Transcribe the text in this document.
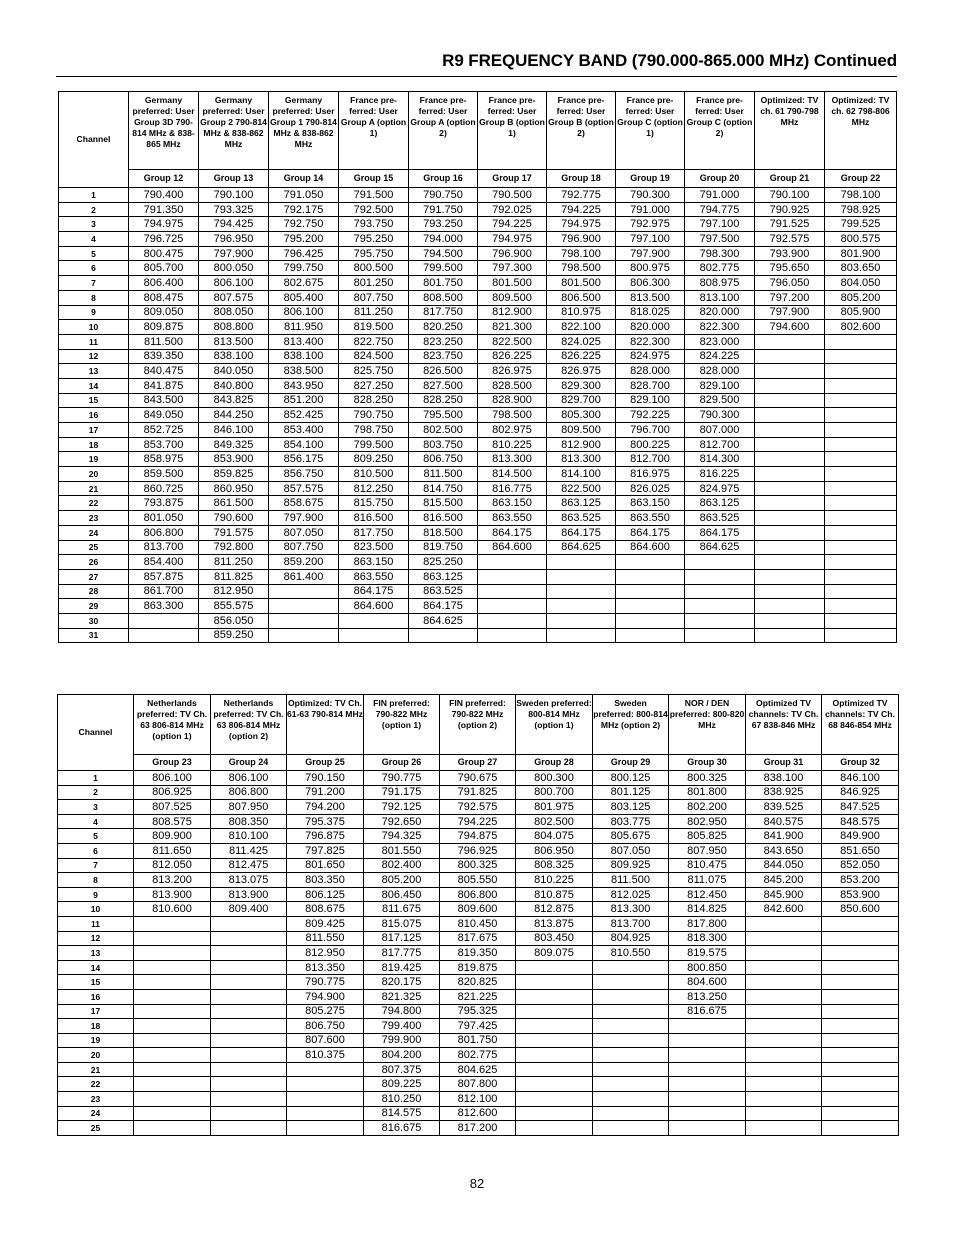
R9 FREQUENCY BAND (790.000-865.000 MHz) Continued
Channel	Germany preferred: User Group 3D 790-814 MHz & 838-865 MHz	Germany preferred: User Group 2 790-814 MHz & 838-862 MHz	Germany preferred: User Group 1 790-814 MHz & 838-862 MHz	France pre-ferred: User Group A (option 1)	France pre-ferred: User Group A (option 2)	France pre-ferred: User Group B (option 1)	France pre-ferred: User Group B (option 2)	France pre-ferred: User Group C (option 1)	France pre-ferred: User Group C (option 2)	Optimized: TV ch. 61 790-798 MHz	Optimized: TV ch. 62 798-806 MHz
	Group 12	Group 13	Group 14	Group 15	Group 16	Group 17	Group 18	Group 19	Group 20	Group 21	Group 22
1	790.400	790.100	791.050	791.500	790.750	790.500	792.775	790.300	791.000	790.100	798.100
2	791.350	793.325	792.175	792.500	791.750	792.025	794.225	791.000	794.775	790.925	798.925
3	794.975	794.425	792.750	793.750	793.250	794.225	794.975	792.975	797.100	791.525	799.525
4	796.725	796.950	795.200	795.250	794.000	794.975	796.900	797.100	797.500	792.575	800.575
5	800.475	797.900	796.425	795.750	794.500	796.900	798.100	797.900	798.300	793.900	801.900
6	805.700	800.050	799.750	800.500	799.500	797.300	798.500	800.975	802.775	795.650	803.650
7	806.400	806.100	802.675	801.250	801.750	801.500	801.500	806.300	808.975	796.050	804.050
8	808.475	807.575	805.400	807.750	808.500	809.500	806.500	813.500	813.100	797.200	805.200
9	809.050	808.050	806.100	811.250	817.750	812.900	810.975	818.025	820.000	797.900	805.900
10	809.875	808.800	811.950	819.500	820.250	821.300	822.100	820.000	822.300	794.600	802.600
11	811.500	813.500	813.400	822.750	823.250	822.500	824.025	822.300	823.000		
12	839.350	838.100	838.100	824.500	823.750	826.225	826.225	824.975	824.225		
13	840.475	840.050	838.500	825.750	826.500	826.975	826.975	828.000	828.000		
14	841.875	840.800	843.950	827.250	827.500	828.500	829.300	828.700	829.100		
15	843.500	843.825	851.200	828.250	828.250	828.900	829.700	829.100	829.500		
16	849.050	844.250	852.425	790.750	795.500	798.500	805.300	792.225	790.300		
17	852.725	846.100	853.400	798.750	802.500	802.975	809.500	796.700	807.000		
18	853.700	849.325	854.100	799.500	803.750	810.225	812.900	800.225	812.700		
19	858.975	853.900	856.175	809.250	806.750	813.300	813.300	812.700	814.300		
20	859.500	859.825	856.750	810.500	811.500	814.500	814.100	816.975	816.225		
21	860.725	860.950	857.575	812.250	814.750	816.775	822.500	826.025	824.975		
22	793.875	861.500	858.675	815.750	815.500	863.150	863.125	863.150	863.125		
23	801.050	790.600	797.900	816.500	816.500	863.550	863.525	863.550	863.525		
24	806.800	791.575	807.050	817.750	818.500	864.175	864.175	864.175	864.175		
25	813.700	792.800	807.750	823.500	819.750	864.600	864.625	864.600	864.625		
26	854.400	811.250	859.200	863.150	825.250						
27	857.875	811.825	861.400	863.550	863.125						
28	861.700	812.950		864.175	863.525						
29	863.300	855.575		864.600	864.175						
30		856.050			864.625						
31		859.250									
Channel	Netherlands preferred: TV Ch. 63 806-814 MHz (option 1)	Netherlands preferred: TV Ch. 63 806-814 MHz (option 2)	Optimized: TV Ch. 61-63 790-814 MHz	FIN preferred: 790-822 MHz (option 1)	FIN preferred: 790-822 MHz (option 2)	Sweden preferred: 800-814 MHz (option 1)	Sweden preferred: 800-814 MHz (option 2)	NOR / DEN preferred: 800-820 MHz	Optimized TV channels: TV Ch. 67 838-846 MHz	Optimized TV channels: TV Ch. 68 846-854 MHz
	Group 23	Group 24	Group 25	Group 26	Group 27	Group 28	Group 29	Group 30	Group 31	Group 32
1	806.100	806.100	790.150	790.775	790.675	800.300	800.125	800.325	838.100	846.100
2	806.925	806.800	791.200	791.175	791.825	800.700	801.125	801.800	838.925	846.925
3	807.525	807.950	794.200	792.125	792.575	801.975	803.125	802.200	839.525	847.525
4	808.575	808.350	795.375	792.650	794.225	802.500	803.775	802.950	840.575	848.575
5	809.900	810.100	796.875	794.325	794.875	804.075	805.675	805.825	841.900	849.900
6	811.650	811.425	797.825	801.550	796.925	806.950	807.050	807.950	843.650	851.650
7	812.050	812.475	801.650	802.400	800.325	808.325	809.925	810.475	844.050	852.050
8	813.200	813.075	803.350	805.200	805.550	810.225	811.500	811.075	845.200	853.200
9	813.900	813.900	806.125	806.450	806.800	810.875	812.025	812.450	845.900	853.900
10	810.600	809.400	808.675	811.675	809.600	812.875	813.300	814.825	842.600	850.600
11			809.425	815.075	810.450	813.875	813.700	817.800		
12			811.550	817.125	817.675	803.450	804.925	818.300		
13			812.950	817.775	819.350	809.075	810.550	819.575		
14			813.350	819.425	819.875			800.850		
15			790.775	820.175	820.825			804.600		
16			794.900	821.325	821.225			813.250		
17			805.275	794.800	795.325			816.675		
18			806.750	799.400	797.425					
19			807.600	799.900	801.750					
20			810.375	804.200	802.775					
21				807.375	804.625					
22				809.225	807.800					
23				810.250	812.100					
24				814.575	812.600					
25				816.675	817.200					
82
